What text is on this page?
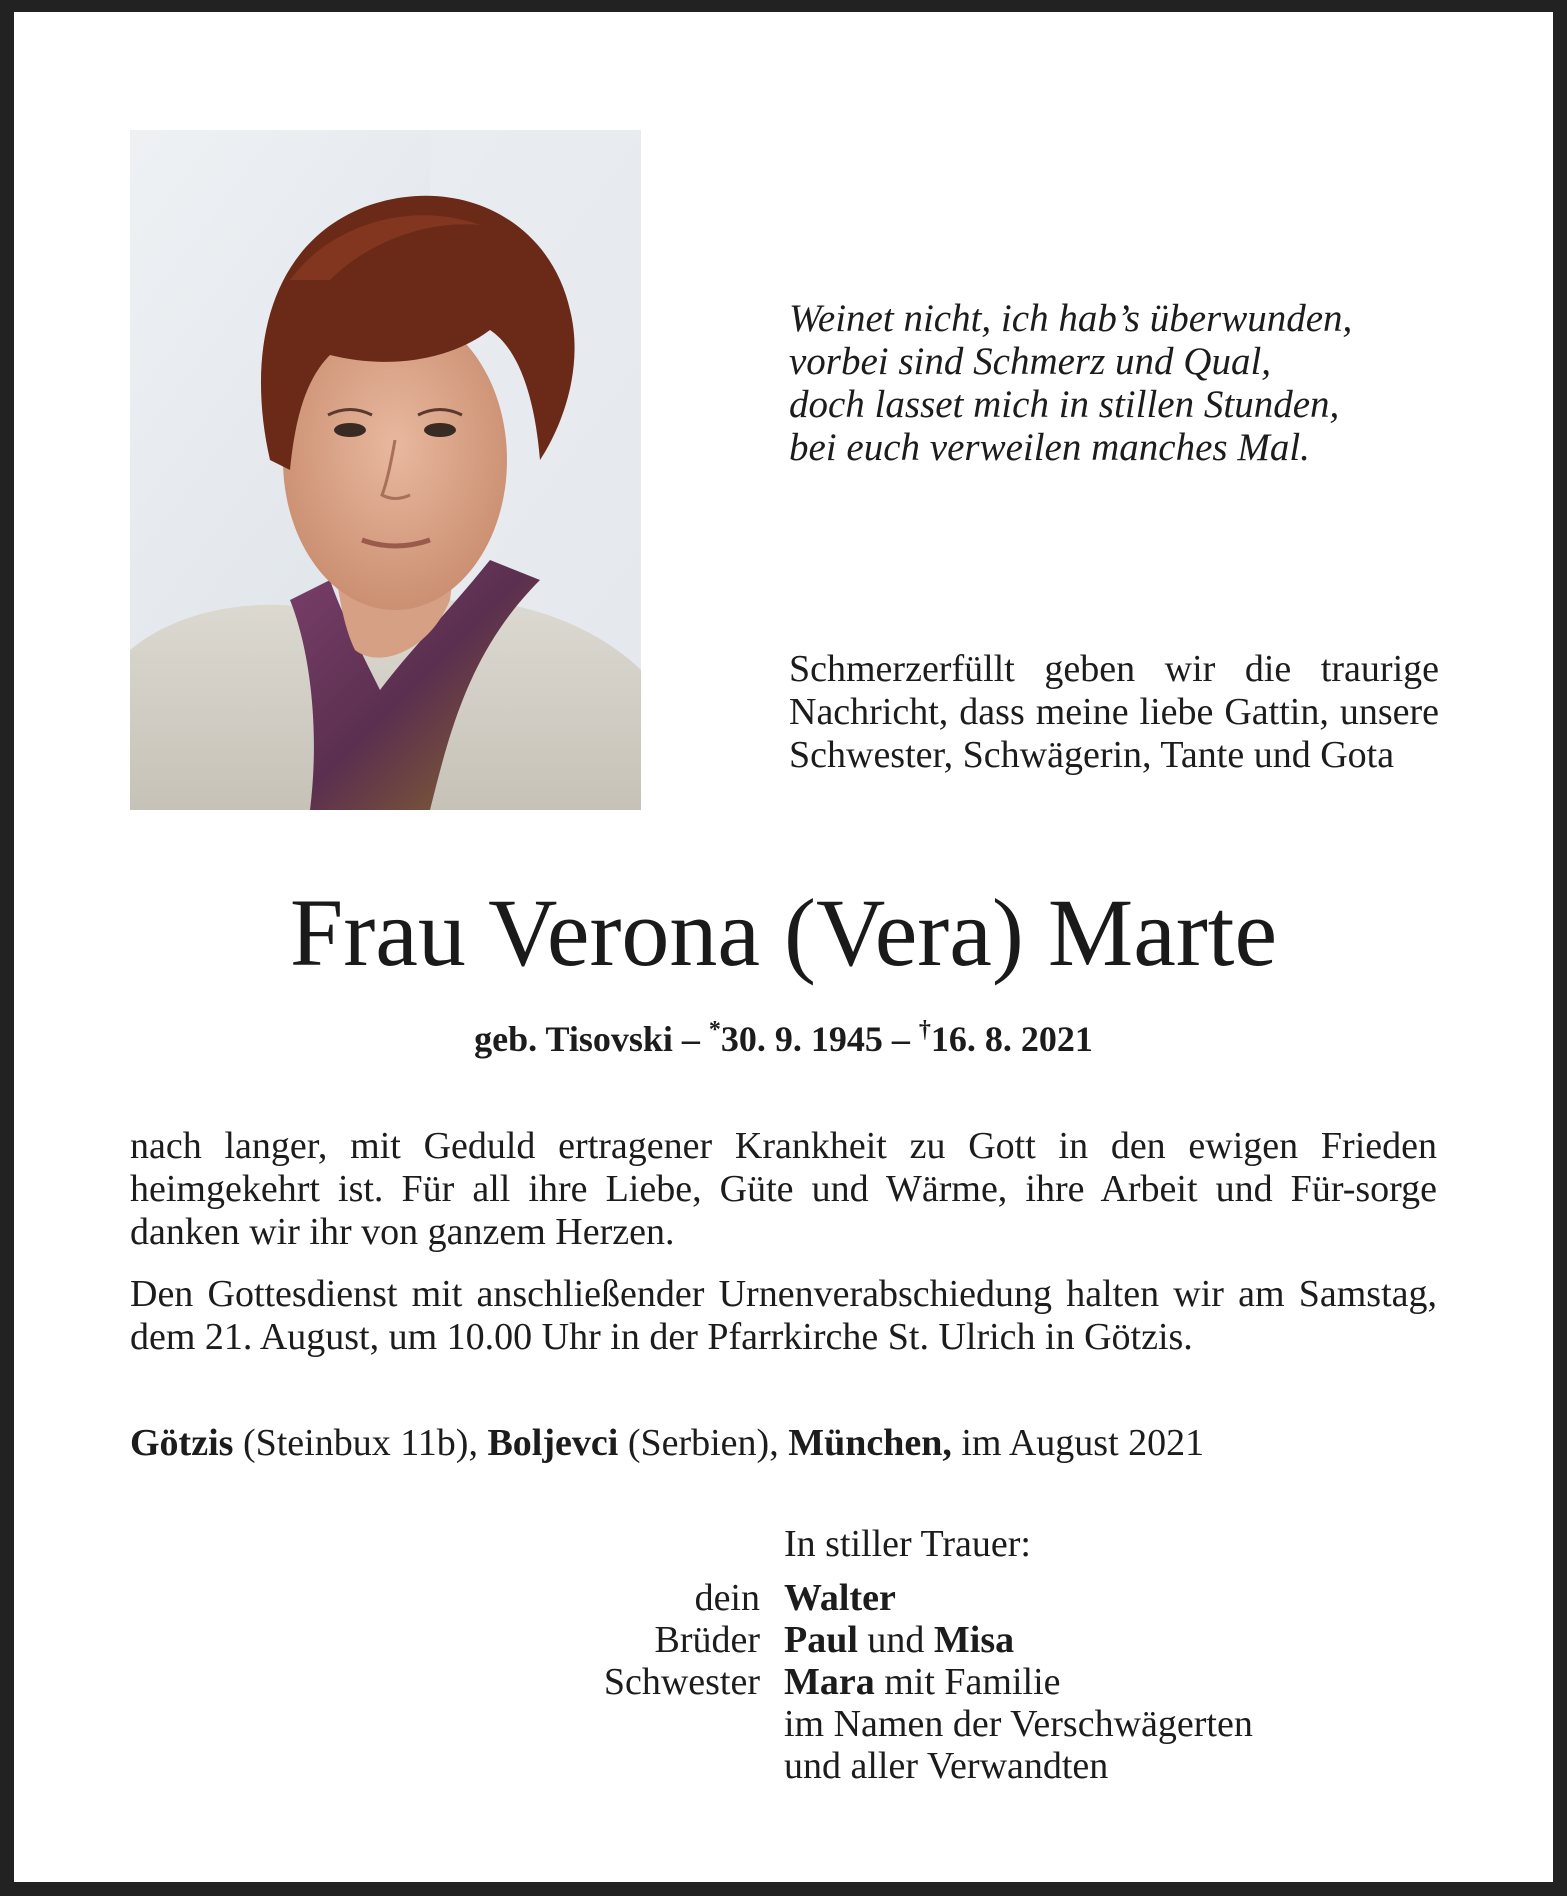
Weinet nicht, ich hab’s überwunden,
vorbei sind Schmerz und Qual,
doch lasset mich in stillen Stunden,
bei euch verweilen manches Mal.
Schmerzerfüllt geben wir die traurige Nachricht, dass meine liebe Gattin, unsere Schwester, Schwägerin, Tante und Gota
Frau Verona (Vera) Marte
geb. Tisovski – *30. 9. 1945 – †16. 8. 2021
nach langer, mit Geduld ertragener Krankheit zu Gott in den ewigen Frieden heimgekehrt ist. Für all ihre Liebe, Güte und Wärme, ihre Arbeit und Für-sorge danken wir ihr von ganzem Herzen.
Den Gottesdienst mit anschließender Urnenverabschiedung halten wir am Samstag, dem 21. August, um 10.00 Uhr in der Pfarrkirche St. Ulrich in Götzis.
Götzis (Steinbux 11b), Boljevci (Serbien), München, im August 2021
In stiller Trauer:
dein Walter
Brüder Paul und Misa
Schwester Mara mit Familie
im Namen der Verschwägerten
und aller Verwandten
